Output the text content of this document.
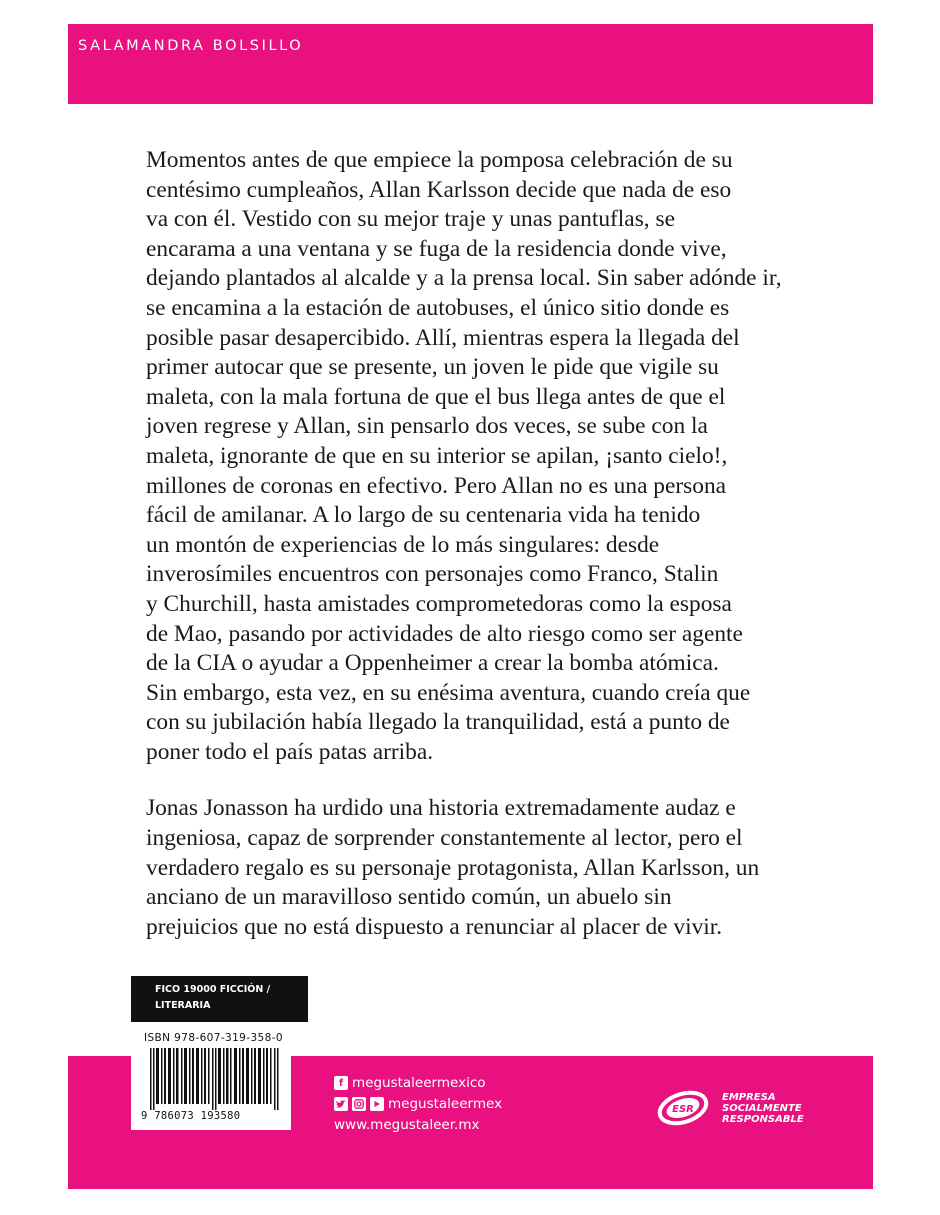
SALAMANDRA BOLSILLO

Momentos antes de que empiece la pomposa celebración de su
centésimo cumpleaños, Allan Karlsson decide que nada de eso
va con él. Vestido con su mejor traje y unas pantuflas, se
encarama a una ventana y se fuga de la residencia donde vive,
dejando plantados al alcalde y a la prensa local. Sin saber adónde ir,
se encamina a la estación de autobuses, el único sitio donde es
posible pasar desapercibido. Allí, mientras espera la llegada del
primer autocar que se presente, un joven le pide que vigile su
maleta, con la mala fortuna de que el bus llega antes de que el
joven regrese y Allan, sin pensarlo dos veces, se sube con la
maleta, ignorante de que en su interior se apilan, ¡santo cielo!,
millones de coronas en efectivo. Pero Allan no es una persona
fácil de amilanar. A lo largo de su centenaria vida ha tenido
un montón de experiencias de lo más singulares: desde
inverosímiles encuentros con personajes como Franco, Stalin
y Churchill, hasta amistades comprometedoras como la esposa
de Mao, pasando por actividades de alto riesgo como ser agente
de la CIA o ayudar a Oppenheimer a crear la bomba atómica.
Sin embargo, esta vez, en su enésima aventura, cuando creía que
con su jubilación había llegado la tranquilidad, está a punto de
poner todo el país patas arriba.

Jonas Jonasson ha urdido una historia extremadamente audaz e
ingeniosa, capaz de sorprender constantemente al lector, pero el
verdadero regalo es su personaje protagonista, Allan Karlsson, un
anciano de un maravilloso sentido común, un abuelo sin
prejuicios que no está dispuesto a renunciar al placer de vivir.

FICO 19000 FICCIÓN /
LITERARIA
ISBN 978-607-319-358-0
9 786073 193580
f megustaleermexico
megustaleermex
www.megustaleer.mx
ESR
EMPRESA
SOCIALMENTE
RESPONSABLE
